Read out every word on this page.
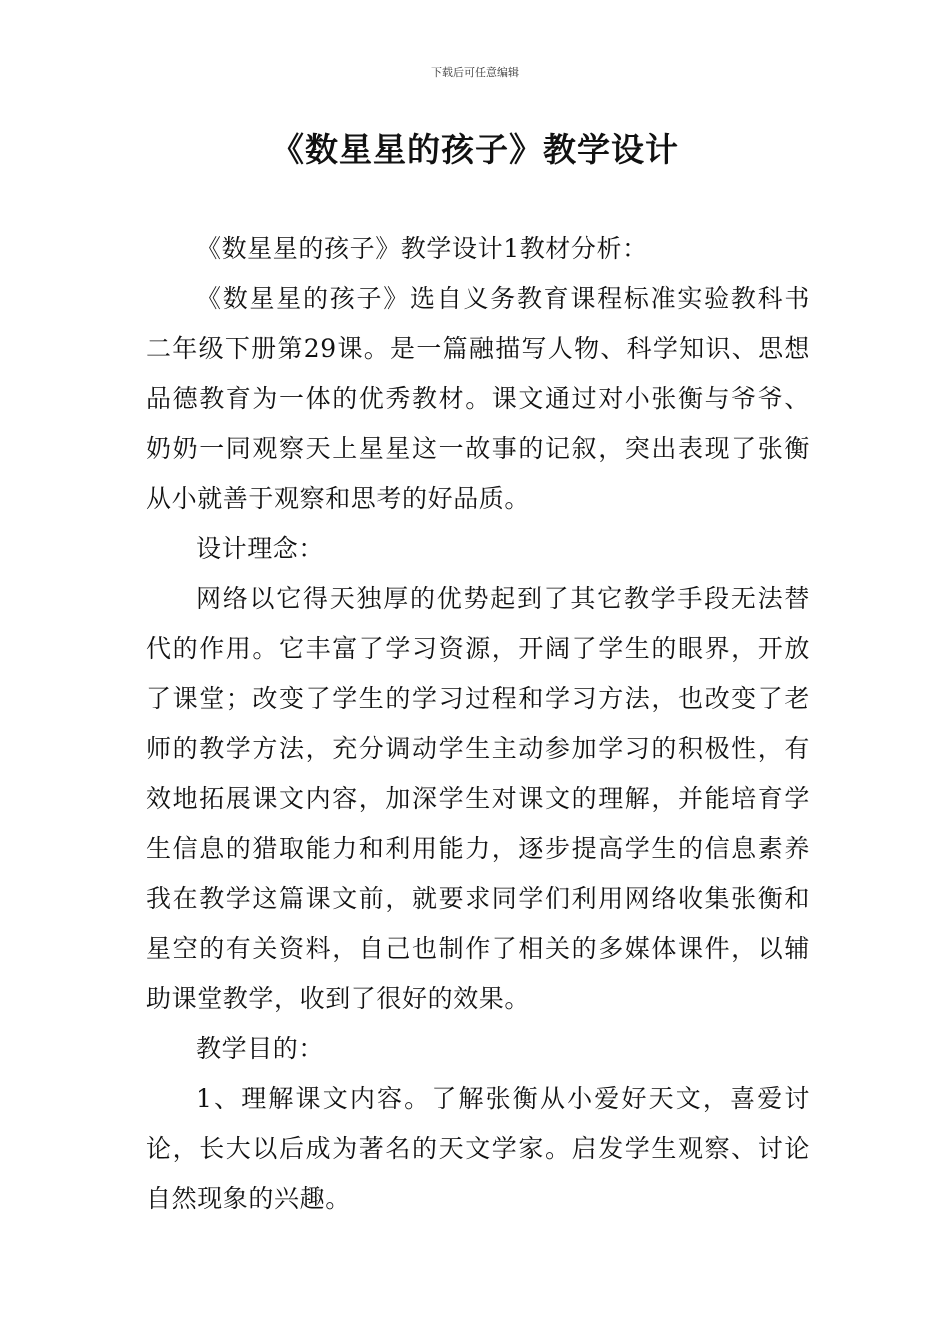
下载后可任意编辑
《数星星的孩子》教学设计

《数星星的孩子》教学设计1教材分析：

《数星星的孩子》选自义务教育课程标准实验教科书二年级下册第29课。是一篇融描写人物、科学知识、思想品德教育为一体的优秀教材。课文通过对小张衡与爷爷、奶奶一同观察天上星星这一故事的记叙，突出表现了张衡从小就善于观察和思考的好品质。

设计理念：

网络以它得天独厚的优势起到了其它教学手段无法替代的作用。它丰富了学习资源，开阔了学生的眼界，开放了课堂；改变了学生的学习过程和学习方法，也改变了老师的教学方法，充分调动学生主动参加学习的积极性，有效地拓展课文内容，加深学生对课文的理解，并能培育学生信息的猎取能力和利用能力，逐步提高学生的信息素养我在教学这篇课文前，就要求同学们利用网络收集张衡和星空的有关资料，自己也制作了相关的多媒体课件，以辅助课堂教学，收到了很好的效果。

教学目的：

1、理解课文内容。了解张衡从小爱好天文，喜爱讨论，长大以后成为著名的天文学家。启发学生观察、讨论自然现象的兴趣。
